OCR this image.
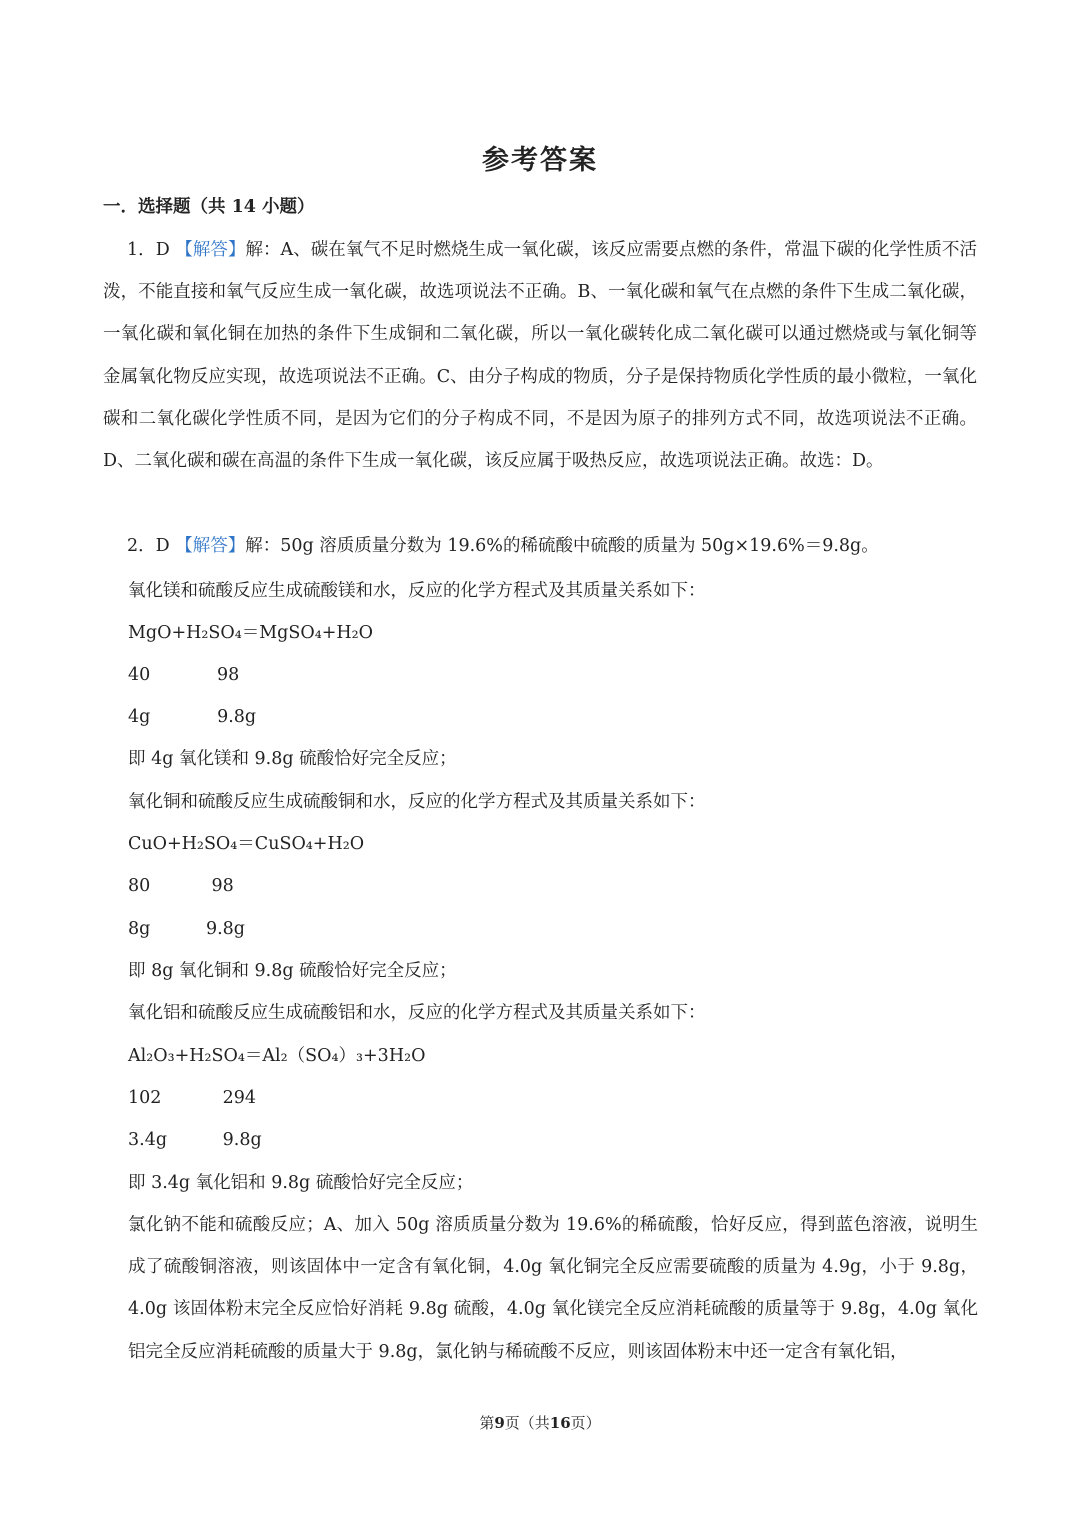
参考答案
一．选择题（共 14 小题）

1．D 【解答】解：A、碳在氧气不足时燃烧生成一氧化碳，该反应需要点燃的条件，常温下碳的化学性质不活泼，不能直接和氧气反应生成一氧化碳，故选项说法不正确。B、一氧化碳和氧气在点燃的条件下生成二氧化碳，一氧化碳和氧化铜在加热的条件下生成铜和二氧化碳，所以一氧化碳转化成二氧化碳可以通过燃烧或与氧化铜等金属氧化物反应实现，故选项说法不正确。C、由分子构成的物质，分子是保持物质化学性质的最小微粒，一氧化碳和二氧化碳化学性质不同，是因为它们的分子构成不同，不是因为原子的排列方式不同，故选项说法不正确。D、二氧化碳和碳在高温的条件下生成一氧化碳，该反应属于吸热反应，故选项说法正确。故选：D。

2．D 【解答】解：50g 溶质质量分数为 19.6%的稀硫酸中硫酸的质量为 50g×19.6%＝9.8g。

氧化镁和硫酸反应生成硫酸镁和水，反应的化学方程式及其质量关系如下：
MgO+H₂SO₄＝MgSO₄+H₂O
40            98
4g            9.8g
即 4g 氧化镁和 9.8g 硫酸恰好完全反应；
氧化铜和硫酸反应生成硫酸铜和水，反应的化学方程式及其质量关系如下：
CuO+H₂SO₄＝CuSO₄+H₂O
80           98
8g          9.8g
即 8g 氧化铜和 9.8g 硫酸恰好完全反应；
氧化铝和硫酸反应生成硫酸铝和水，反应的化学方程式及其质量关系如下：
Al₂O₃+H₂SO₄＝Al₂（SO₄）₃+3H₂O
102           294
3.4g          9.8g
即 3.4g 氧化铝和 9.8g 硫酸恰好完全反应；

氯化钠不能和硫酸反应；A、加入 50g 溶质质量分数为 19.6%的稀硫酸，恰好反应，得到蓝色溶液，说明生成了硫酸铜溶液，则该固体中一定含有氧化铜，4.0g 氧化铜完全反应需要硫酸的质量为 4.9g，小于 9.8g，4.0g 该固体粉末完全反应恰好消耗 9.8g 硫酸，4.0g 氧化镁完全反应消耗硫酸的质量等于 9.8g，4.0g 氧化铝完全反应消耗硫酸的质量大于 9.8g，氯化钠与稀硫酸不反应，则该固体粉末中还一定含有氧化铝，

第9页（共16页）
